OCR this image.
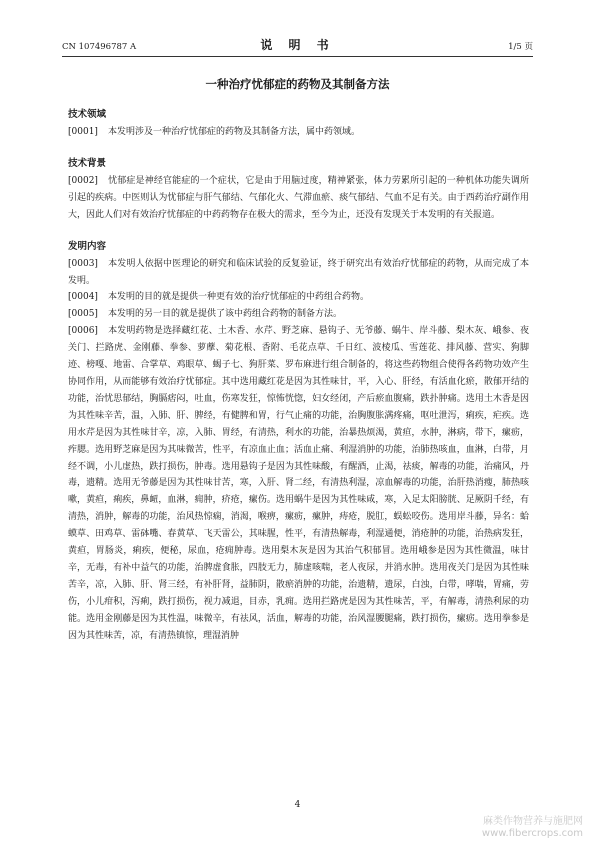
CN 107496787 A	说 明 书	1/5 页
一种治疗忧郁症的药物及其制备方法
技术领域

[0001] 本发明涉及一种治疗忧郁症的药物及其制备方法，属中药领域。

技术背景

[0002] 忧郁症是神经官能症的一个症状，它是由于用脑过度，精神紧张，体力劳累所引起的一种机体功能失调所引起的疾病。中医则认为忧郁症与肝气郁结、气郁化火、气滞血瘀、痰气郁结、气血不足有关。由于西药治疗副作用大，因此人们对有效治疗忧郁症的中药药物存在极大的需求，至今为止，还没有发现关于本发明的有关报道。

发明内容

[0003] 本发明人依据中医理论的研究和临床试验的反复验证，终于研究出有效治疗忧郁症的药物，从而完成了本发明。

[0004] 本发明的目的就是提供一种更有效的治疗忧郁症的中药组合药物。

[0005] 本发明的另一目的就是提供了该中药组合药物的制备方法。

[0006] 本发明药物是选择藏红花、土木香、水芹、野芝麻、悬钩子、无爷藤、蜗牛、岸斗藤、梨木灰、峨参、夜关门、拦路虎、金刚藤、拳参、萝藦、菊花根、香附、毛花点草、千日红、波棱瓜、雪莲花、排风藤、营实、狗脚迹、榜嘎、地雷、合掌草、鸡眼草、蝎子七、狗肝菜、罗布麻进行组合制备的，将这些药物组合使得各药物功效产生协同作用，从而能够有效治疗忧郁症。其中选用藏红花是因为其性味甘，平，入心、肝经，有活血化瘀，散郁开结的功能，治忧思郁结，胸膈痞闷，吐血，伤寒发狂，惊怖恍惚，妇女经闭，产后瘀血腹痛，跌扑肿痛。选用土木香是因为其性味辛苦，温，入肺、肝、脾经，有健脾和胃，行气止痛的功能，治胸腹胀满疼痛，呕吐泄泻，痢疾，疟疾。选用水芹是因为其性味甘辛，凉，入肺、胃经，有清热，利水的功能，治暴热烦渴，黄疸，水肿，淋病，带下，瘰疬，痄腮。选用野芝麻是因为其味微苦，性平，有凉血止血；活血止痛、利湿消肿的功能，治肺热咳血，血淋，白带，月经不调，小儿虚热，跌打损伤，肿毒。选用悬钩子是因为其性味酸，有醒酒，止渴，祛痰，解毒的功能，治痛风，丹毒，遗精。选用无爷藤是因为其性味甘苦，寒，入肝、肾二经，有清热利湿，凉血解毒的功能，治肝热消瘦，肺热咳嗽，黄疸，痢疾，鼻衄，血淋，痈肿，疥疮，瘰伤。选用蜗牛是因为其性味咸，寒，入足太阳膀胱、足厥阴千经，有清热，消肿，解毒的功能，治风热惊痫，消渴，喉痹，瘰疬，瘰肿，痔疮，脱肛，蜈蚣咬伤。选用岸斗藤，异名：蛤蟆草、田鸡草、雷砵嘴、春黄草、飞天雷公，其味腥，性平，有清热解毒，利湿通便，消疮肿的功能，治热病发狂，黄疸，胃肠炎，痢疾，便秘，尿血，疮痈肿毒。选用梨木灰是因为其治气积郁冒。选用峨参是因为其性微温，味甘辛，无毒，有补中益气的功能，治脾虚食胀，四肢无力，肺虚咳喘，老人夜尿，并消水肿。选用夜关门是因为其性味苦辛，凉，入肺、肝、肾三经，有补肝肾，益肺阴，散瘀消肿的功能，治遗精，遗尿，白浊，白带，哮喘，胃痛，劳伤，小儿疳积，泻痢，跌打损伤，视力减退，目赤，乳痈。选用拦路虎是因为其性味苦，平，有解毒，清热利尿的功能。选用金刚藤是因为其性温，味微辛，有祛风，活血，解毒的功能，治风湿腰腿痛，跌打损伤，瘰疬。选用拳参是因为其性味苦，凉，有清热镇惊，理湿消肿

4
麻类作物营养与施肥网
www.fibercrops.com
